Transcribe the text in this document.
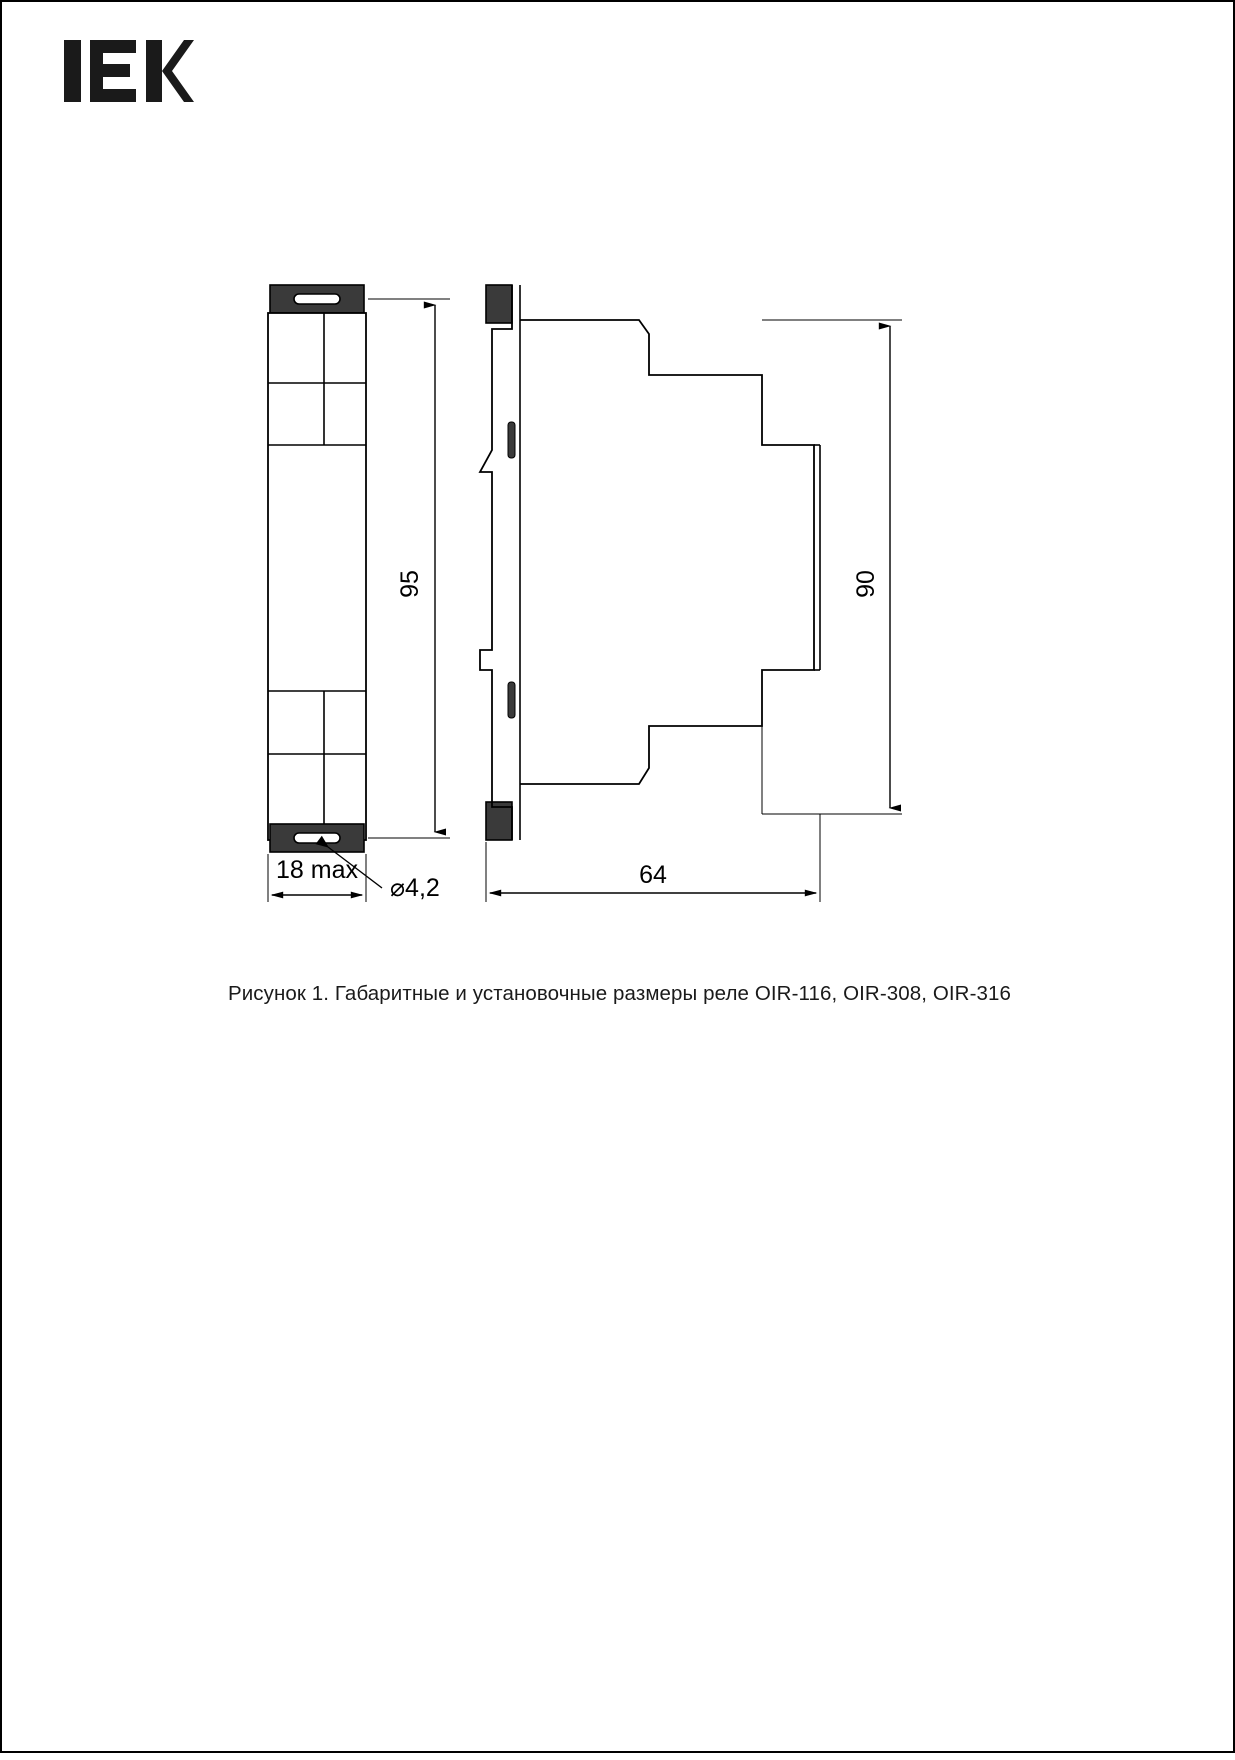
95
18 max
⌀4,2
90
64
Рисунок 1. Габаритные и установочные размеры реле OIR-116, OIR-308, OIR-316
